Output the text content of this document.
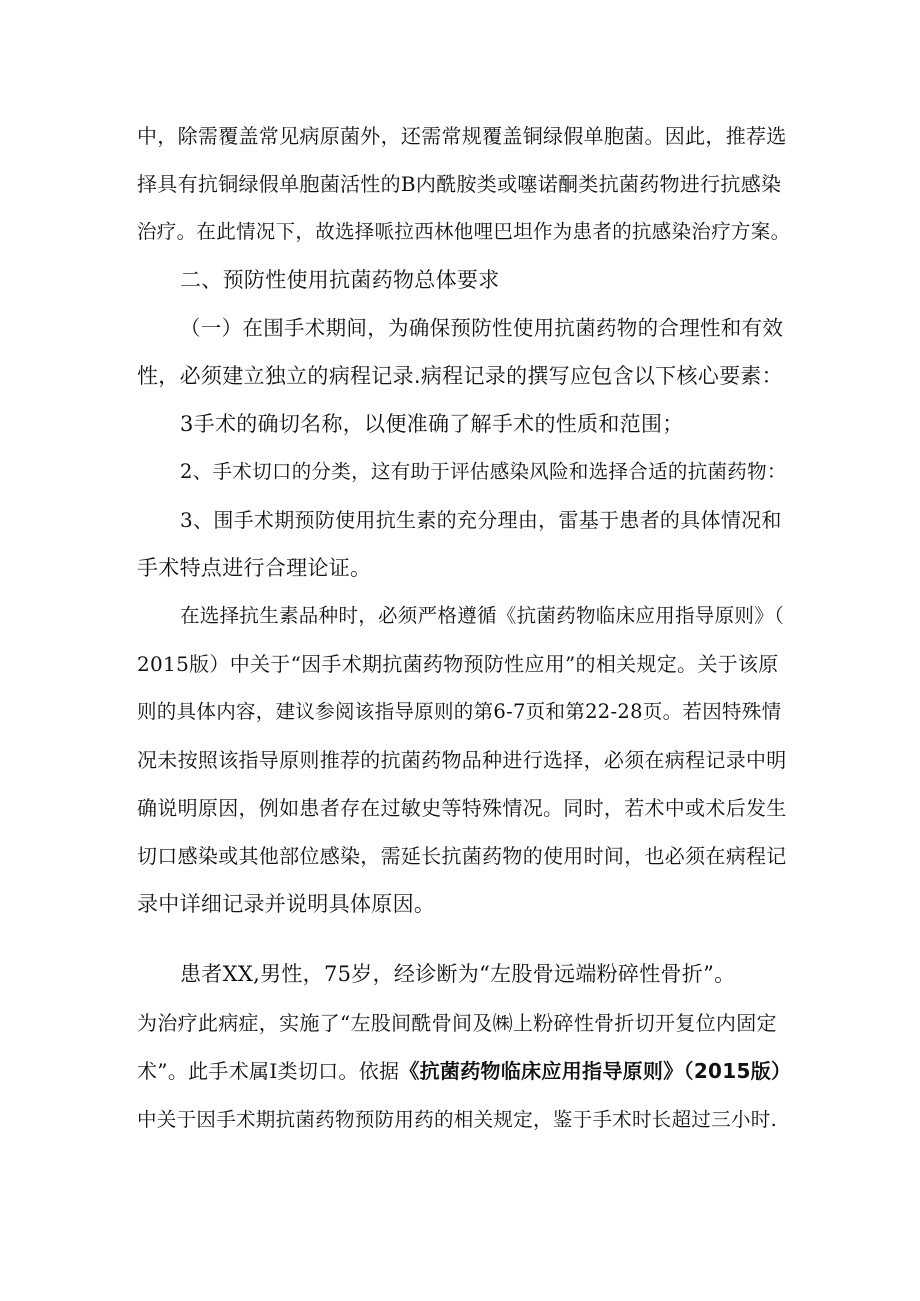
中，除需覆盖常见病原菌外，还需常规覆盖铜绿假单胞菌。因此，推荐选
择具有抗铜绿假单胞菌活性的B内酰胺类或噻诺酮类抗菌药物进行抗感染
治疗。在此情况下，故选择哌拉西林他哩巴坦作为患者的抗感染治疗方案。
二、预防性使用抗菌药物总体要求
（一）在围手术期间，为确保预防性使用抗菌药物的合理性和有效
性，必须建立独立的病程记录.病程记录的撰写应包含以下核心要素：
3手术的确切名称，以便准确了解手术的性质和范围；
2、手术切口的分类，这有助于评估感染风险和选择合适的抗菌药物：
3、围手术期预防使用抗生素的充分理由，雷基于患者的具体情况和
手术特点进行合理论证。
在选择抗生素品种时，必须严格遵循《抗菌药物临床应用指导原则》（
2015版）中关于“因手术期抗菌药物预防性应用”的相关规定。关于该原
则的具体内容，建议参阅该指导原则的第6-7页和第22-28页。若因特殊情
况未按照该指导原则推荐的抗菌药物品种进行选择，必须在病程记录中明
确说明原因，例如患者存在过敏史等特殊情况。同时，若术中或术后发生
切口感染或其他部位感染，需延长抗菌药物的使用时间，也必须在病程记
录中详细记录并说明具体原因。
患者XX,男性，75岁，经诊断为“左股骨远端粉碎性骨折”。
为治疗此病症，实施了“左股间酰骨间及㈱上粉碎性骨折切开复位内固定
术”。此手术属I类切口。依据《抗菌药物临床应用指导原则》（2015版）
中关于因手术期抗菌药物预防用药的相关规定，鉴于手术时长超过三小时.
